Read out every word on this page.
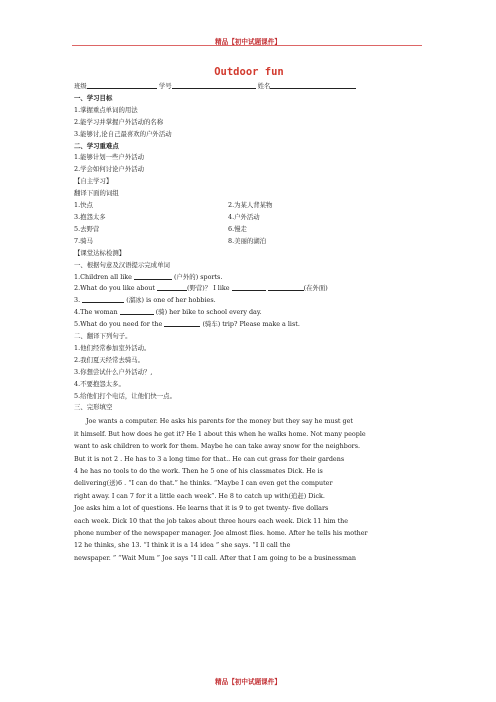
精品【初中试题课件】
Outdoor fun
班级	学号	姓名
一、学习目标
1.掌握重点单词的用法
2.能学习并掌握户外活动的名称
3.能够讨,论自己最喜欢的户外活动
二、学习重难点
1.能够计划一些户外活动
2.学会如何讨论户外活动
【自主学习】
翻译下面的词组
1.快点	2.为某人背某物
3.抱怨太多	4.户外活动
5.去野营	6.慢走
7.骑马	8.美丽的湖泊
【课堂达标检测】
一、根据句意及汉语提示完成单词
1.Children all like	(户外的) sports.
2.What do you like about	(野营)？ I like	(在外面)
3.	(溜冰) is one of her hobbies.
4.The woman	(骑) her bike to school every day.
5.What do you need for the	(骑车) trip? Please make a list.
二、翻译下列句子。
1.他们经常参加室外活动。
2.我们夏天经常去骑马。
3.你想尝试什么户外活动？,
4.不要抱怨太多。
5.给他们打个电话，让他们快一点。
三、完形填空
Joe wants a computer. He asks his parents for the money but they say he must get
it himself. But how does he get it? He 1 about this when he walks home. Not many people
want to ask children to work for them. Maybe he can take away snow for the neighbors.
But it is not 2 . He has to 3 a long time for that.. He can cut grass for their gardens
4 he has no tools to do the work. Then he 5 one of his classmates Dick. He is
delivering(送)6 . “I can do that.” he thinks. “Maybe I can even get the computer
right away. I can 7 for it a little each week”. He 8 to catch up with(追赶) Dick.
Joe asks him a lot of questions. He learns that it is 9 to get twenty- five dollars
each week. Dick 10 that the job takes about three hours each week. Dick 11 him the
phone number of the newspaper manager. Joe almost flies. home. After he tells his mother
12 he thinks, she 13. “I think it is a 14 idea ” she says. “I ll call the
newspaper. ” “Wait Mum ” Joe says “I ll call. After that I am going to be a businessman
精品【初中试题课件】
